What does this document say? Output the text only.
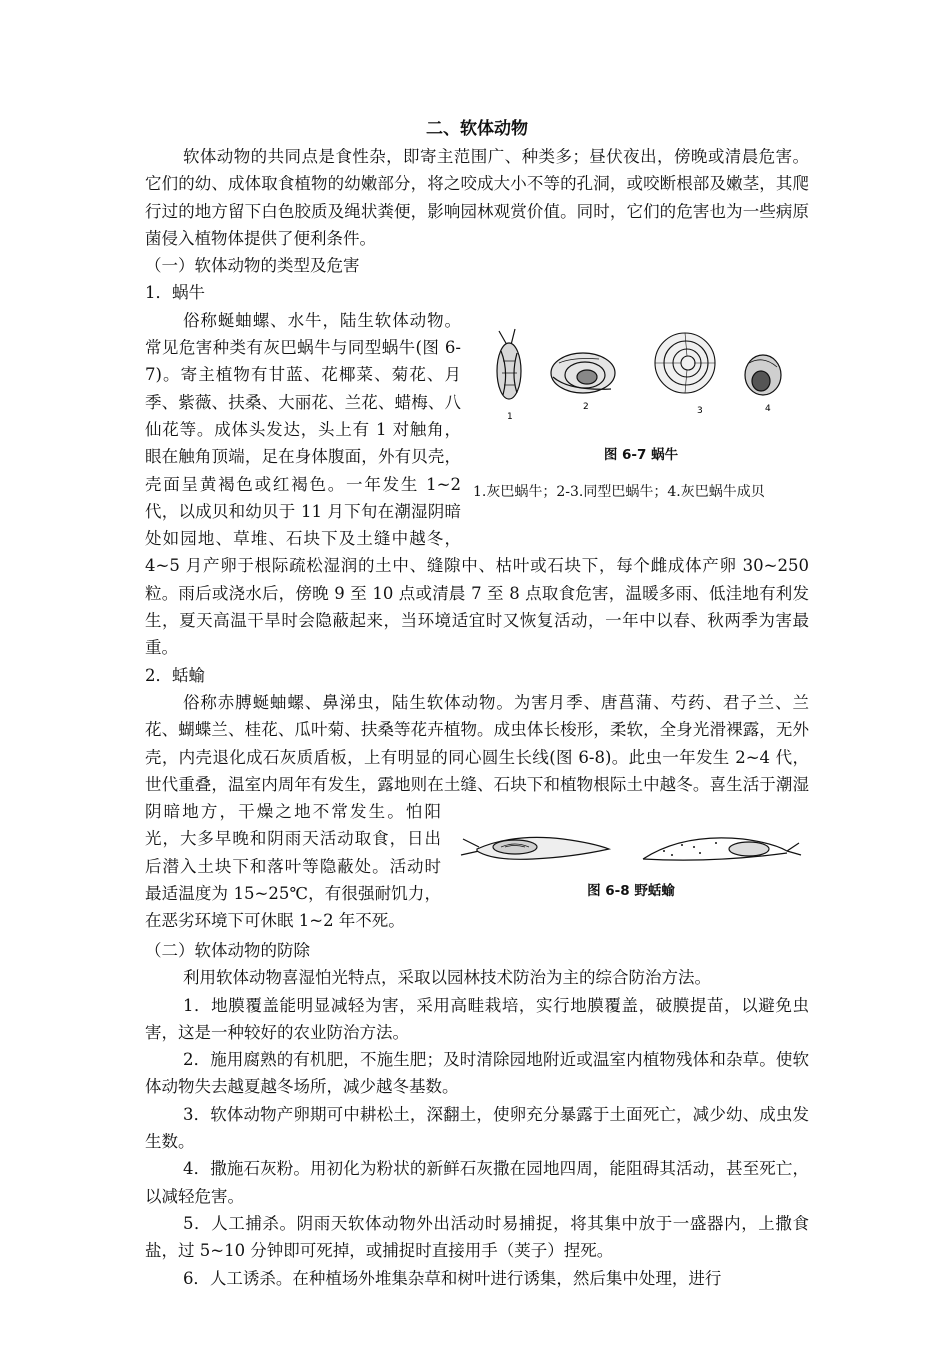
二、软体动物

软体动物的共同点是食性杂，即寄主范围广、种类多；昼伏夜出，傍晚或清晨危害。它们的幼、成体取食植物的幼嫩部分，将之咬成大小不等的孔洞，或咬断根部及嫩茎，其爬行过的地方留下白色胶质及绳状粪便，影响园林观赏价值。同时，它们的危害也为一些病原菌侵入植物体提供了便利条件。

（一）软体动物的类型及危害
1．蜗牛
1
2	3	4
图 6-7 蜗牛
1.灰巴蜗牛；2-3.同型巴蜗牛；4.灰巴蜗牛成贝

俗称蜒蚰螺、水牛，陆生软体动物。常见危害种类有灰巴蜗牛与同型蜗牛(图 6-7)。寄主植物有甘蓝、花椰菜、菊花、月季、紫薇、扶桑、大丽花、兰花、蜡梅、八仙花等。成体头发达，头上有 1 对触角，眼在触角顶端，足在身体腹面，外有贝壳，壳面呈黄褐色或红褐色。一年发生 1~2 代，以成贝和幼贝于 11 月下旬在潮湿阴暗处如园地、草堆、石块下及土缝中越冬，4~5 月产卵于根际疏松湿润的土中、缝隙中、枯叶或石块下，每个雌成体产卵 30~250 粒。雨后或浇水后，傍晚 9 至 10 点或清晨 7 至 8 点取食危害，温暖多雨、低洼地有利发生，夏天高温干旱时会隐蔽起来，当环境适宜时又恢复活动，一年中以春、秋两季为害最重。

2．蛞蝓
图 6-8 野蛞蝓

俗称赤膊蜒蚰螺、鼻涕虫，陆生软体动物。为害月季、唐菖蒲、芍药、君子兰、兰花、蝴蝶兰、桂花、瓜叶菊、扶桑等花卉植物。成虫体长梭形，柔软，全身光滑裸露，无外壳，内壳退化成石灰质盾板，上有明显的同心圆生长线(图 6-8)。此虫一年发生 2~4 代，世代重叠，温室内周年有发生，露地则在土缝、石块下和植物根际土中越冬。喜生活于潮湿阴暗地方，干燥之地不常发生。怕阳光，大多早晚和阴雨天活动取食，日出后潜入土块下和落叶等隐蔽处。活动时最适温度为 15~25℃，有很强耐饥力，在恶劣环境下可休眠 1~2 年不死。

（二）软体动物的防除

利用软体动物喜湿怕光特点，采取以园林技术防治为主的综合防治方法。

1．地膜覆盖能明显减轻为害，采用高畦栽培，实行地膜覆盖，破膜提苗，以避免虫害，这是一种较好的农业防治方法。

2．施用腐熟的有机肥，不施生肥；及时清除园地附近或温室内植物残体和杂草。使软体动物失去越夏越冬场所，减少越冬基数。

3．软体动物产卵期可中耕松土，深翻土，使卵充分暴露于土面死亡，减少幼、成虫发生数。

4．撒施石灰粉。用初化为粉状的新鲜石灰撒在园地四周，能阻碍其活动，甚至死亡，以减轻危害。

5．人工捕杀。阴雨天软体动物外出活动时易捕捉，将其集中放于一盛器内，上撒食盐，过 5~10 分钟即可死掉，或捕捉时直接用手（荚子）捏死。

6．人工诱杀。在种植场外堆集杂草和树叶进行诱集，然后集中处理，进行
